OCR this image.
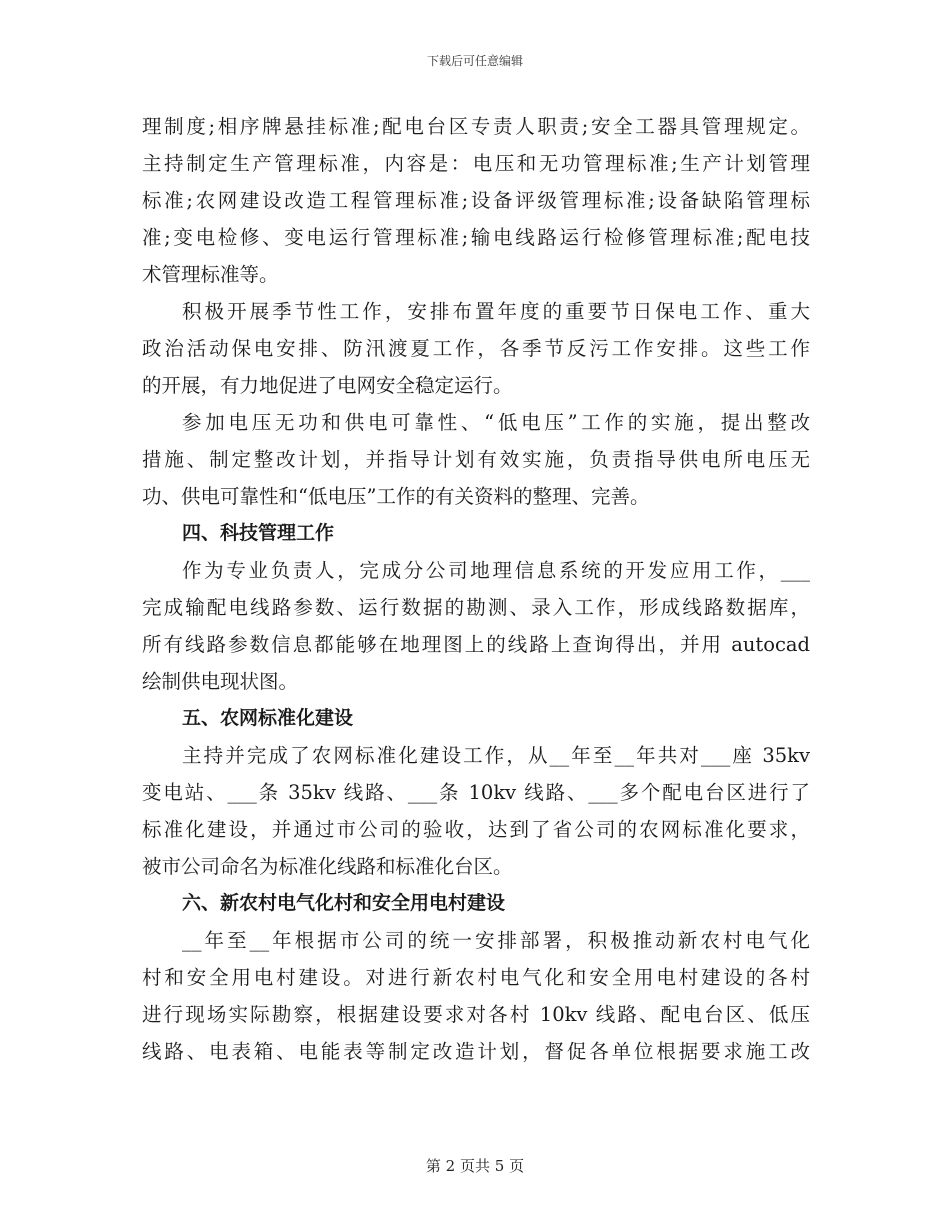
下载后可任意编辑
理制度;相序牌悬挂标准;配电台区专责人职责;安全工器具管理规定。
主持制定生产管理标准，内容是：电压和无功管理标准;生产计划管理
标准;农网建设改造工程管理标准;设备评级管理标准;设备缺陷管理标
准;变电检修、变电运行管理标准;输电线路运行检修管理标准;配电技
术管理标准等。
积极开展季节性工作，安排布置年度的重要节日保电工作、重大
政治活动保电安排、防汛渡夏工作，各季节反污工作安排。这些工作
的开展，有力地促进了电网安全稳定运行。
参加电压无功和供电可靠性、“低电压”工作的实施，提出整改
措施、制定整改计划，并指导计划有效实施，负责指导供电所电压无
功、供电可靠性和“低电压”工作的有关资料的整理、完善。
四、科技管理工作
作为专业负责人，完成分公司地理信息系统的开发应用工作，___
完成输配电线路参数、运行数据的勘测、录入工作，形成线路数据库，
所有线路参数信息都能够在地理图上的线路上查询得出，并用 autocad
绘制供电现状图。
五、农网标准化建设
主持并完成了农网标准化建设工作，从__年至__年共对___座 35kv
变电站、___条 35kv 线路、___条 10kv 线路、___多个配电台区进行了
标准化建设，并通过市公司的验收，达到了省公司的农网标准化要求，
被市公司命名为标准化线路和标准化台区。
六、新农村电气化村和安全用电村建设
__年至__年根据市公司的统一安排部署，积极推动新农村电气化
村和安全用电村建设。对进行新农村电气化和安全用电村建设的各村
进行现场实际勘察，根据建设要求对各村 10kv 线路、配电台区、低压
线路、电表箱、电能表等制定改造计划，督促各单位根据要求施工改
第 2 页共 5 页
